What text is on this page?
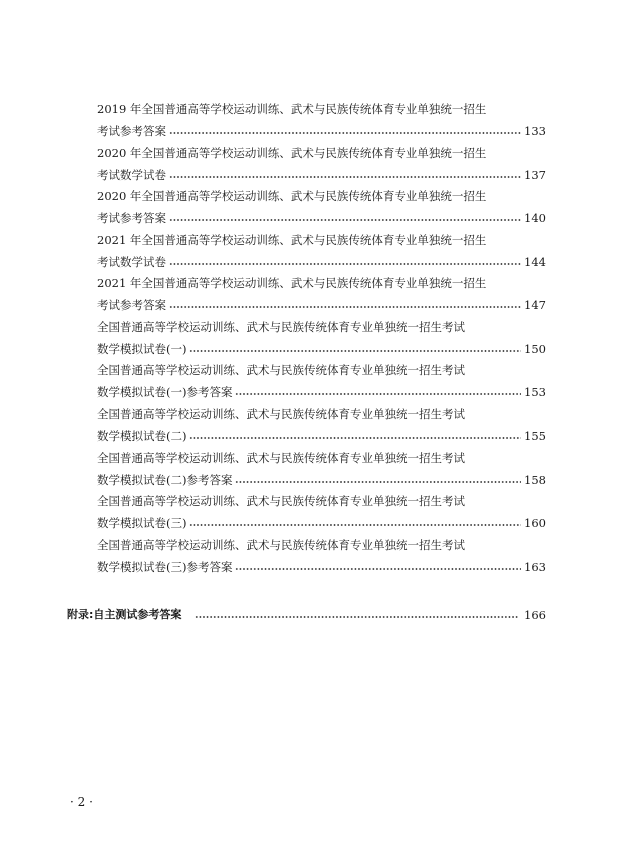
2019 年全国普通高等学校运动训练、武术与民族传统体育专业单独统一招生
考试参考答案	133
2020 年全国普通高等学校运动训练、武术与民族传统体育专业单独统一招生
考试数学试卷	137
2020 年全国普通高等学校运动训练、武术与民族传统体育专业单独统一招生
考试参考答案	140
2021 年全国普通高等学校运动训练、武术与民族传统体育专业单独统一招生
考试数学试卷	144
2021 年全国普通高等学校运动训练、武术与民族传统体育专业单独统一招生
考试参考答案	147
全国普通高等学校运动训练、武术与民族传统体育专业单独统一招生考试
数学模拟试卷(一)	150
全国普通高等学校运动训练、武术与民族传统体育专业单独统一招生考试
数学模拟试卷(一)参考答案	153
全国普通高等学校运动训练、武术与民族传统体育专业单独统一招生考试
数学模拟试卷(二)	155
全国普通高等学校运动训练、武术与民族传统体育专业单独统一招生考试
数学模拟试卷(二)参考答案	158
全国普通高等学校运动训练、武术与民族传统体育专业单独统一招生考试
数学模拟试卷(三)	160
全国普通高等学校运动训练、武术与民族传统体育专业单独统一招生考试
数学模拟试卷(三)参考答案	163
附录:自主测试参考答案	166
· 2 ·
